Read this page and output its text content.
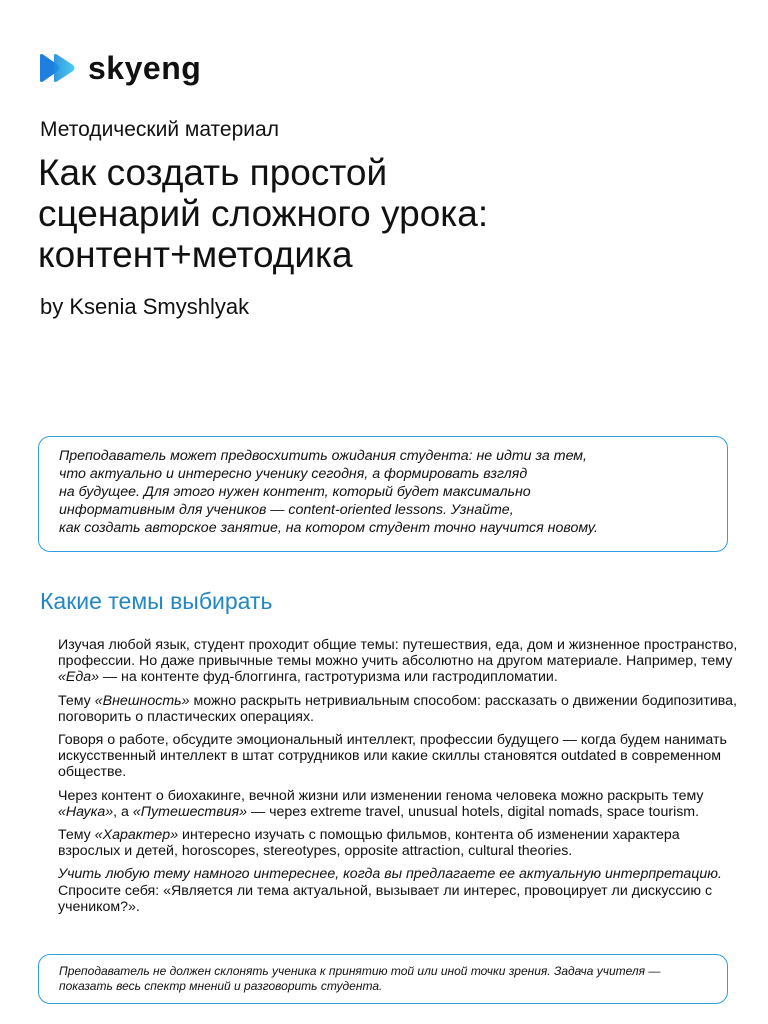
skyeng
Методический материал
Как создать простой
сценарий сложного урока:
контент+методика
by Ksenia Smyshlyak

Преподаватель может предвосхитить ожидания студента: не идти за тем,
что актуально и интересно ученику сегодня, а формировать взгляд
на будущее. Для этого нужен контент, который будет максимально
информативным для учеников — content-oriented lessons. Узнайте,
как создать авторское занятие, на котором студент точно научится новому.

Какие темы выбирать

Изучая любой язык, студент проходит общие темы: путешествия, еда, дом и жизненное пространство, профессии. Но даже привычные темы можно учить абсолютно на другом материале. Например, тему «Еда» — на контенте фуд-блоггинга, гастротуризма или гастродипломатии.

Тему «Внешность» можно раскрыть нетривиальным способом: рассказать о движении бодипозитива, поговорить о пластических операциях.

Говоря о работе, обсудите эмоциональный интеллект, профессии будущего — когда будем нанимать искусственный интеллект в штат сотрудников или какие скиллы становятся outdated в современном обществе.

Через контент о биохакинге, вечной жизни или изменении генома человека можно раскрыть тему «Наука», а «Путешествия» — через extreme travel, unusual hotels, digital nomads, space tourism.

Тему «Характер» интересно изучать с помощью фильмов, контента об изменении характера взрослых и детей, horoscopes, stereotypes, opposite attraction, cultural theories.

Учить любую тему намного интереснее, когда вы предлагаете ее актуальную интерпретацию. Спросите себя: «Является ли тема актуальной, вызывает ли интерес, провоцирует ли дискуссию с учеником?».

Преподаватель не должен склонять ученика к принятию той или иной точки зрения. Задача учителя —
показать весь спектр мнений и разговорить студента.
